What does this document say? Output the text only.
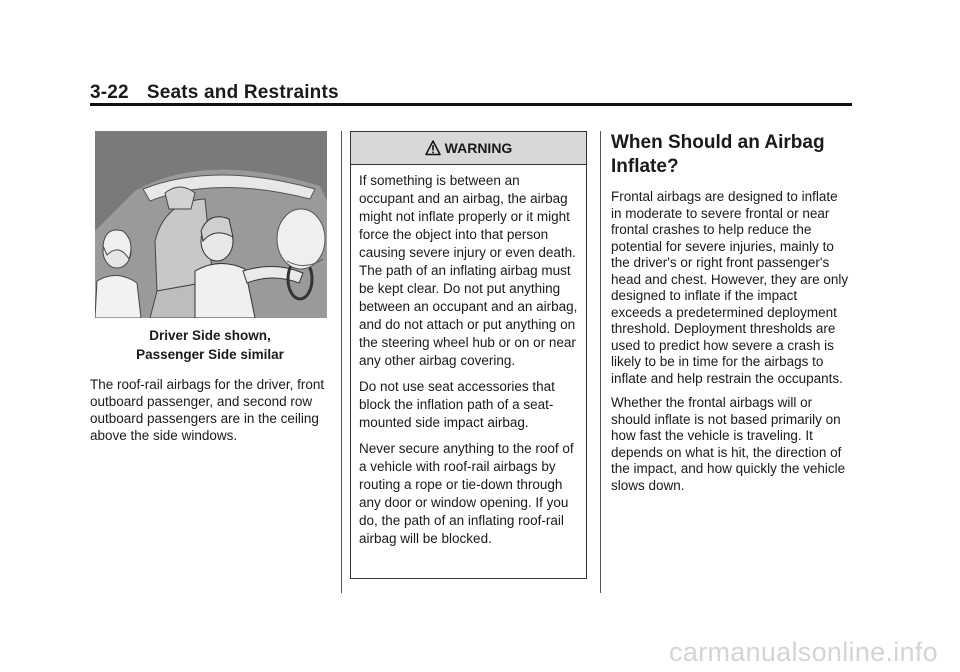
3-22 Seats and Restraints
Driver Side shown,
Passenger Side similar
The roof-rail airbags for the driver, front outboard passenger, and second row outboard passengers are in the ceiling above the side windows.
WARNING

If something is between an occupant and an airbag, the airbag might not inflate properly or it might force the object into that person causing severe injury or even death. The path of an inflating airbag must be kept clear. Do not put anything between an occupant and an airbag, and do not attach or put anything on the steering wheel hub or on or near any other airbag covering.

Do not use seat accessories that block the inflation path of a seat-mounted side impact airbag.

Never secure anything to the roof of a vehicle with roof-rail airbags by routing a rope or tie-down through any door or window opening. If you do, the path of an inflating roof-rail airbag will be blocked.

When Should an Airbag Inflate?

Frontal airbags are designed to inflate in moderate to severe frontal or near frontal crashes to help reduce the potential for severe injuries, mainly to the driver's or right front passenger's head and chest. However, they are only designed to inflate if the impact exceeds a predetermined deployment threshold. Deployment thresholds are used to predict how severe a crash is likely to be in time for the airbags to inflate and help restrain the occupants.

Whether the frontal airbags will or should inflate is not based primarily on how fast the vehicle is traveling. It depends on what is hit, the direction of the impact, and how quickly the vehicle slows down.

carmanualsonline.info
